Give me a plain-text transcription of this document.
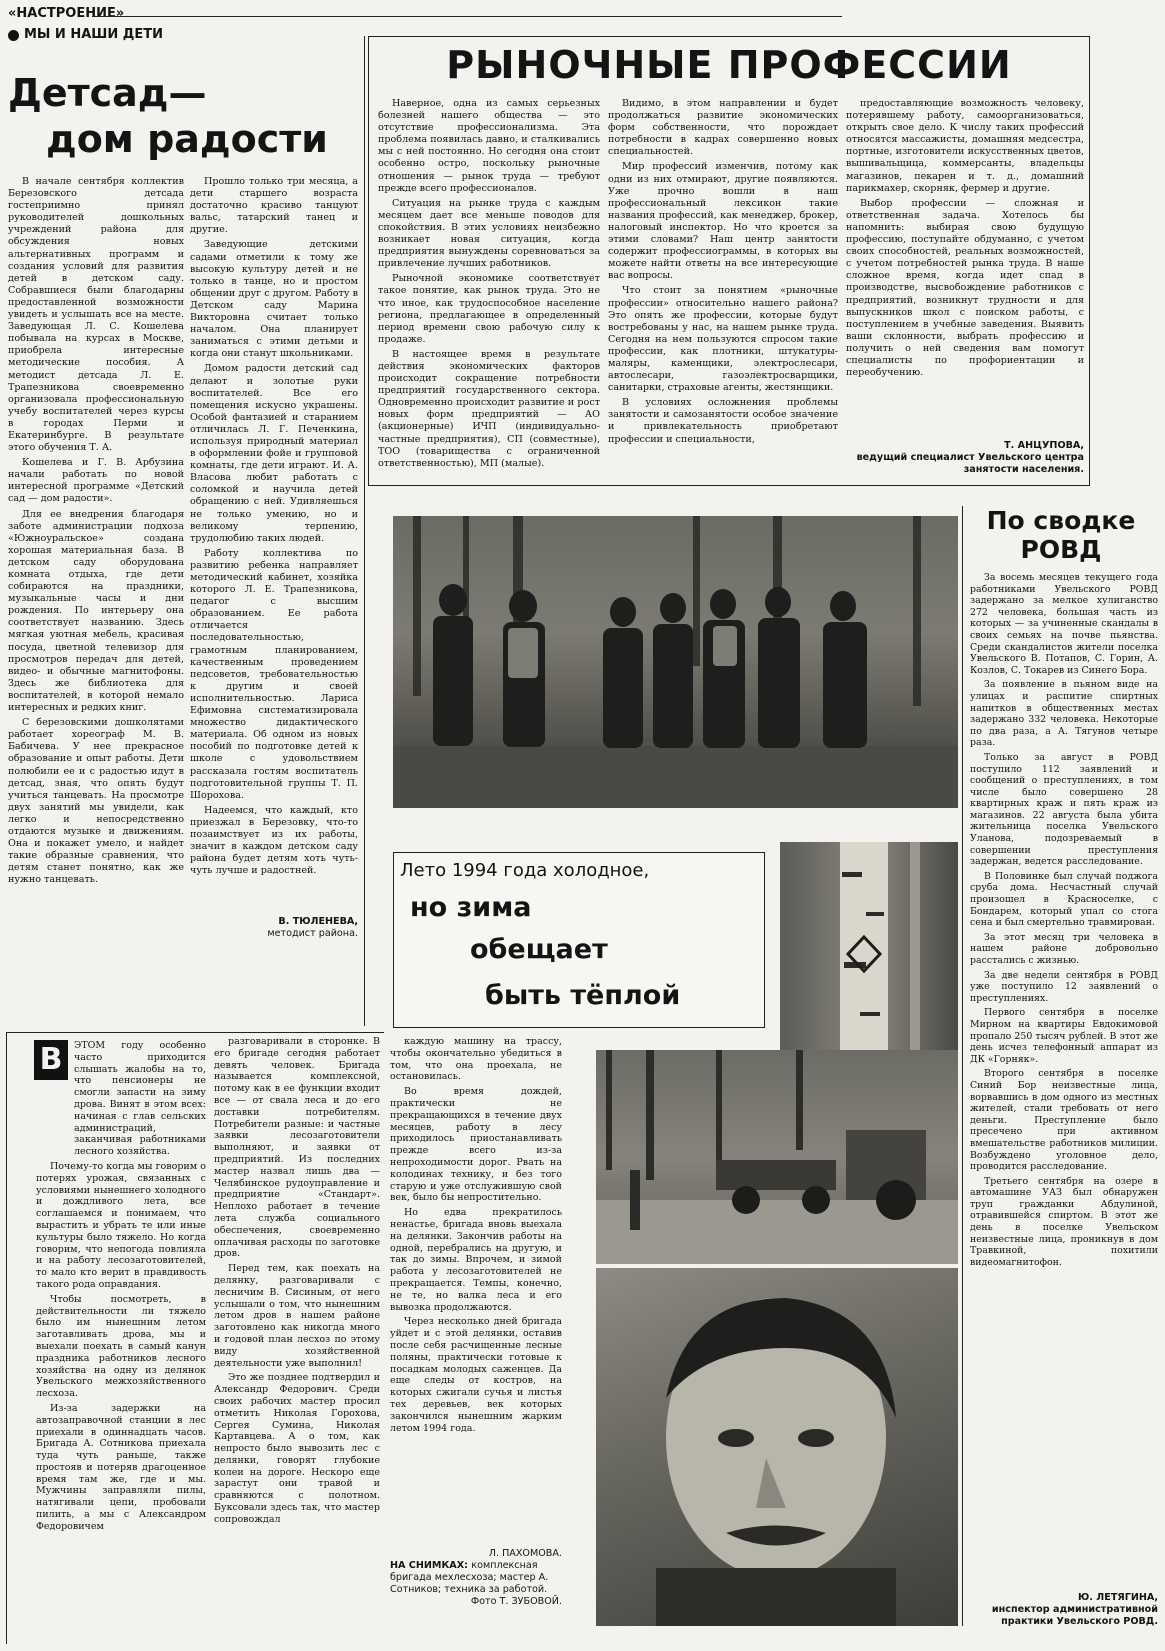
«НАСТРОЕНИЕ»
МЫ И НАШИ ДЕТИ
Детсад—
дом радости

В начале сентября коллектив Березовского детсада гостеприимно принял руководителей дошкольных учреждений района для обсуждения новых альтернативных программ и создания условий для развития детей в детском саду. Собравшиеся были благодарны предоставленной возможности увидеть и услышать все на месте. Заведующая Л. С. Кошелева побывала на курсах в Москве, приобрела интересные методические пособия. А методист детсада Л. Е. Трапезникова своевременно организовала профессиональную учебу воспитателей через курсы в городах Перми и Екатеринбурге. В результате этого обучения Т. А.

Кошелева и Г. В. Арбузина начали работать по новой интересной программе «Детский сад — дом радости».

Для ее внедрения благодаря заботе администрации подхоза «Южноуральское» создана хорошая материальная база. В детском саду оборудована комната отдыха, где дети собираются на праздники, музыкальные часы и дни рождения. По интерьеру она соответствует названию. Здесь мягкая уютная мебель, красивая посуда, цветной телевизор для просмотров передач для детей, видео- и обычные магнитофоны. Здесь же библиотека для воспитателей, в которой немало интересных и редких книг.

С березовскими дошколятами работает хореограф М. В. Бабичева. У нее прекрасное образование и опыт работы. Дети полюбили ее и с радостью идут в детсад, зная, что опять будут учиться танцевать. На просмотре двух занятий мы увидели, как легко и непосредственно отдаются музыке и движениям. Она и покажет умело, и найдет такие образные сравнения, что детям станет понятно, как же нужно танцевать.

Прошло только три месяца, а дети старшего возраста достаточно красиво танцуют вальс, татарский танец и другие.

Заведующие детскими садами отметили к тому же высокую культуру детей и не только в танце, но и простом общении друг с другом. Работу в Детском саду Марина Викторовна считает только началом. Она планирует заниматься с этими детьми и когда они станут школьниками.

Домом радости детский сад делают и золотые руки воспитателей. Все его помещения искусно украшены. Особой фантазией и старанием отличилась Л. Г. Печенкина, используя природный материал в оформлении фойе и групповой комнаты, где дети играют. И. А. Власова любит работать с соломкой и научила детей обращению с ней. Удивляешься не только умению, но и великому терпению, трудолюбию таких людей.

Работу коллектива по развитию ребенка направляет методический кабинет, хозяйка которого Л. Е. Трапезникова, педагог с высшим образованием. Ее работа отличается последовательностью, грамотным планированием, качественным проведением педсоветов, требовательностью к другим и своей исполнительностью. Лариса Ефимовна систематизировала множество дидактического материала. Об одном из новых пособий по подготовке детей к школе с удовольствием рассказала гостям воспитатель подготовительной группы Т. П. Шорохова.

Надеемся, что каждый, кто приезжал в Березовку, что-то позаимствует из их работы, значит в каждом детском саду района будет детям хоть чуть-чуть лучше и радостней.

В. ТЮЛЕНЕВА,
методист района.
РЫНОЧНЫЕ ПРОФЕССИИ

Наверное, одна из самых серьезных болезней нашего общества — это отсутствие профессионализма. Эта проблема появилась давно, и сталкивались мы с ней постоянно. Но сегодня она стоит особенно остро, поскольку рыночные отношения — рынок труда — требуют прежде всего профессионалов.

Ситуация на рынке труда с каждым месяцем дает все меньше поводов для спокойствия. В этих условиях неизбежно возникает новая ситуация, когда предприятия вынуждены соревноваться за привлечение лучших работников.

Рыночной экономике соответствует такое понятие, как рынок труда. Это не что иное, как трудоспособное население региона, предлагающее в определенный период времени свою рабочую силу к продаже.

В настоящее время в результате действия экономических факторов происходит сокращение потребности предприятий государственного сектора. Одновременно происходит развитие и рост новых форм предприятий — АО (акционерные) ИЧП (индивидуально-частные предприятия), СП (совместные), ТОО (товарищества с ограниченной ответственностью), МП (малые).

Видимо, в этом направлении и будет продолжаться развитие экономических форм собственности, что порождает потребности в кадрах совершенно новых специальностей.

Мир профессий изменчив, потому как одни из них отмирают, другие появляются. Уже прочно вошли в наш профессиональный лексикон такие названия профессий, как менеджер, брокер, налоговый инспектор. Но что кроется за этими словами? Наш центр занятости содержит профессиограммы, в которых вы можете найти ответы на все интересующие вас вопросы.

Что стоит за понятием «рыночные профессии» относительно нашего района? Это опять же профессии, которые будут востребованы у нас, на нашем рынке труда. Сегодня на нем пользуются спросом такие профессии, как плотники, штукатуры-маляры, каменщики, электрослесари, автослесари, газоэлектросварщики, санитарки, страховые агенты, жестянщики.

В условиях осложнения проблемы занятости и самозанятости особое значение и привлекательность приобретают профессии и специальности,

предоставляющие возможность человеку, потерявшему работу, самоорганизоваться, открыть свое дело. К числу таких профессий относятся массажисты, домашняя медсестра, портные, изготовители искусственных цветов, вышивальщица, коммерсанты, владельцы магазинов, пекарен и т. д., домашний парикмахер, скорняк, фермер и другие.

Выбор профессии — сложная и ответственная задача. Хотелось бы напомнить: выбирая свою будущую профессию, поступайте обдуманно, с учетом своих способностей, реальных возможностей, с учетом потребностей рынка труда. В наше сложное время, когда идет спад в производстве, высвобождение работников с предприятий, возникнут трудности и для выпускников школ с поиском работы, с поступлением в учебные заведения. Выявить ваши склонности, выбрать профессию и получить о ней сведения вам помогут специалисты по профориентации и переобучению.

Т. АНЦУПОВА,
ведущий специалист Увельского центра занятости населения.
По сводке
РОВД

За восемь месяцев текущего года работниками Увельского РОВД задержано за мелкое хулиганство 272 человека, большая часть из которых — за учиненные скандалы в своих семьях на почве пьянства. Среди скандалистов жители поселка Увельского В. Потапов, С. Горин, А. Козлов, С. Токарев из Синего Бора.

За появление в пьяном виде на улицах и распитие спиртных напитков в общественных местах задержано 332 человека. Некоторые по два раза, а А. Тягунов четыре раза.

Только за август в РОВД поступило 112 заявлений и сообщений о преступлениях, в том числе было совершено 28 квартирных краж и пять краж из магазинов. 22 августа была убита жительница поселка Увельского Уланова, подозреваемый в совершении преступления задержан, ведется расследование.

В Половинке был случай поджога сруба дома. Несчастный случай произошел в Красноселке, с Бондарем, который упал со стога сена и был смертельно травмирован.

За этот месяц три человека в нашем районе добровольно расстались с жизнью.

За две недели сентября в РОВД уже поступило 12 заявлений о преступлениях.

Первого сентября в поселке Мирном на квартиры Евдокимовой пропало 250 тысяч рублей. В этот же день исчез телефонный аппарат из ДК «Горняк».

Второго сентября в поселке Синий Бор неизвестные лица, ворвавшись в дом одного из местных жителей, стали требовать от него деньги. Преступление было пресечено при активном вмешательстве работников милиции. Возбуждено уголовное дело, проводится расследование.

Третьего сентября на озере в автомашине УАЗ был обнаружен труп гражданки Абдулиной, отравившейся спиртом. В этот же день в поселке Увельском неизвестные лица, проникнув в дом Травкиной, похитили видеомагнитофон.

Ю. ЛЕТЯГИНА,
инспектор административной практики Увельского РОВД.
Лето 1994 года холодное,
но зима
обещает
быть тёплой
В	ЭТОМ году особенно часто приходится слышать жалобы на то, что пенсионеры не смогли запасти на зиму дрова. Винят в этом всех: начиная с глав сельских администраций, заканчивая работниками лесного хозяйства.

Почему-то когда мы говорим о потерях урожая, связанных с условиями нынешнего холодного и дождливого лета, все соглашаемся и понимаем, что вырастить и убрать те или иные культуры было тяжело. Но когда говорим, что непогода повлияла и на работу лесозаготовителей, то мало кто верит в правдивость такого рода оправдания.

Чтобы посмотреть, в действительности ли тяжело было им нынешним летом заготавливать дрова, мы и выехали поехать в самый канун праздника работников лесного хозяйства на одну из делянок Увельского межхозяйственного лесхоза.

Из-за задержки на автозаправочной станции в лес приехали в одиннадцать часов. Бригада А. Сотникова приехала туда чуть раньше, также простояв и потеряв драгоценное время там же, где и мы. Мужчины заправляли пилы, натягивали цепи, пробовали пилить, а мы с Александром Федоровичем

разговаривали в сторонке. В его бригаде сегодня работает девять человек. Бригада называется комплексной, потому как в ее функции входит все — от свала леса и до его доставки потребителям. Потребители разные: и частные заявки лесозаготовители выполняют, и заявки от предприятий. Из последних мастер назвал лишь два — Челябинское рудоуправление и предприятие «Стандарт». Неплохо работает в течение лета служба социального обеспечения, своевременно оплачивая расходы по заготовке дров.

Перед тем, как поехать на делянку, разговаривали с лесничим В. Сисиным, от него услышали о том, что нынешним летом дров в нашем районе заготовлено как никогда много и годовой план лесхоз по этому виду хозяйственной деятельности уже выполнил!

Это же позднее подтвердил и Александр Федорович. Среди своих рабочих мастер просил отметить Николая Горохова, Сергея Сумина, Николая Картавцева. А о том, как непросто было вывозить лес с делянки, говорят глубокие колеи на дороге. Нескоро еще зарастут они травой и сравняются с полотном. Буксовали здесь так, что мастер сопровождал

каждую машину на трассу, чтобы окончательно убедиться в том, что она проехала, не остановилась.

Во время дождей, практически не прекращающихся в течение двух месяцев, работу в лесу приходилось приостанавливать прежде всего из-за непроходимости дорог. Рвать на колодинах технику, и без того старую и уже отслужившую свой век, было бы непростительно.

Но едва прекратилось ненастье, бригада вновь выехала на делянки. Закончив работы на одной, перебрались на другую, и так до зимы. Впрочем, и зимой работа у лесозаготовителей не прекращается. Темпы, конечно, не те, но валка леса и его вывозка продолжаются.

Через несколько дней бригада уйдет и с этой делянки, оставив после себя расчищенные лесные поляны, практически готовые к посадкам молодых саженцев. Да еще следы от костров, на которых сжигали сучья и листья тех деревьев, век которых закончился нынешним жарким летом 1994 года.

Л. ПАХОМОВА.
НА СНИМКАХ: комплексная бригада мехлесхоза; мастер А. Сотников; техника за работой.
Фото Т. ЗУБОВОЙ.
